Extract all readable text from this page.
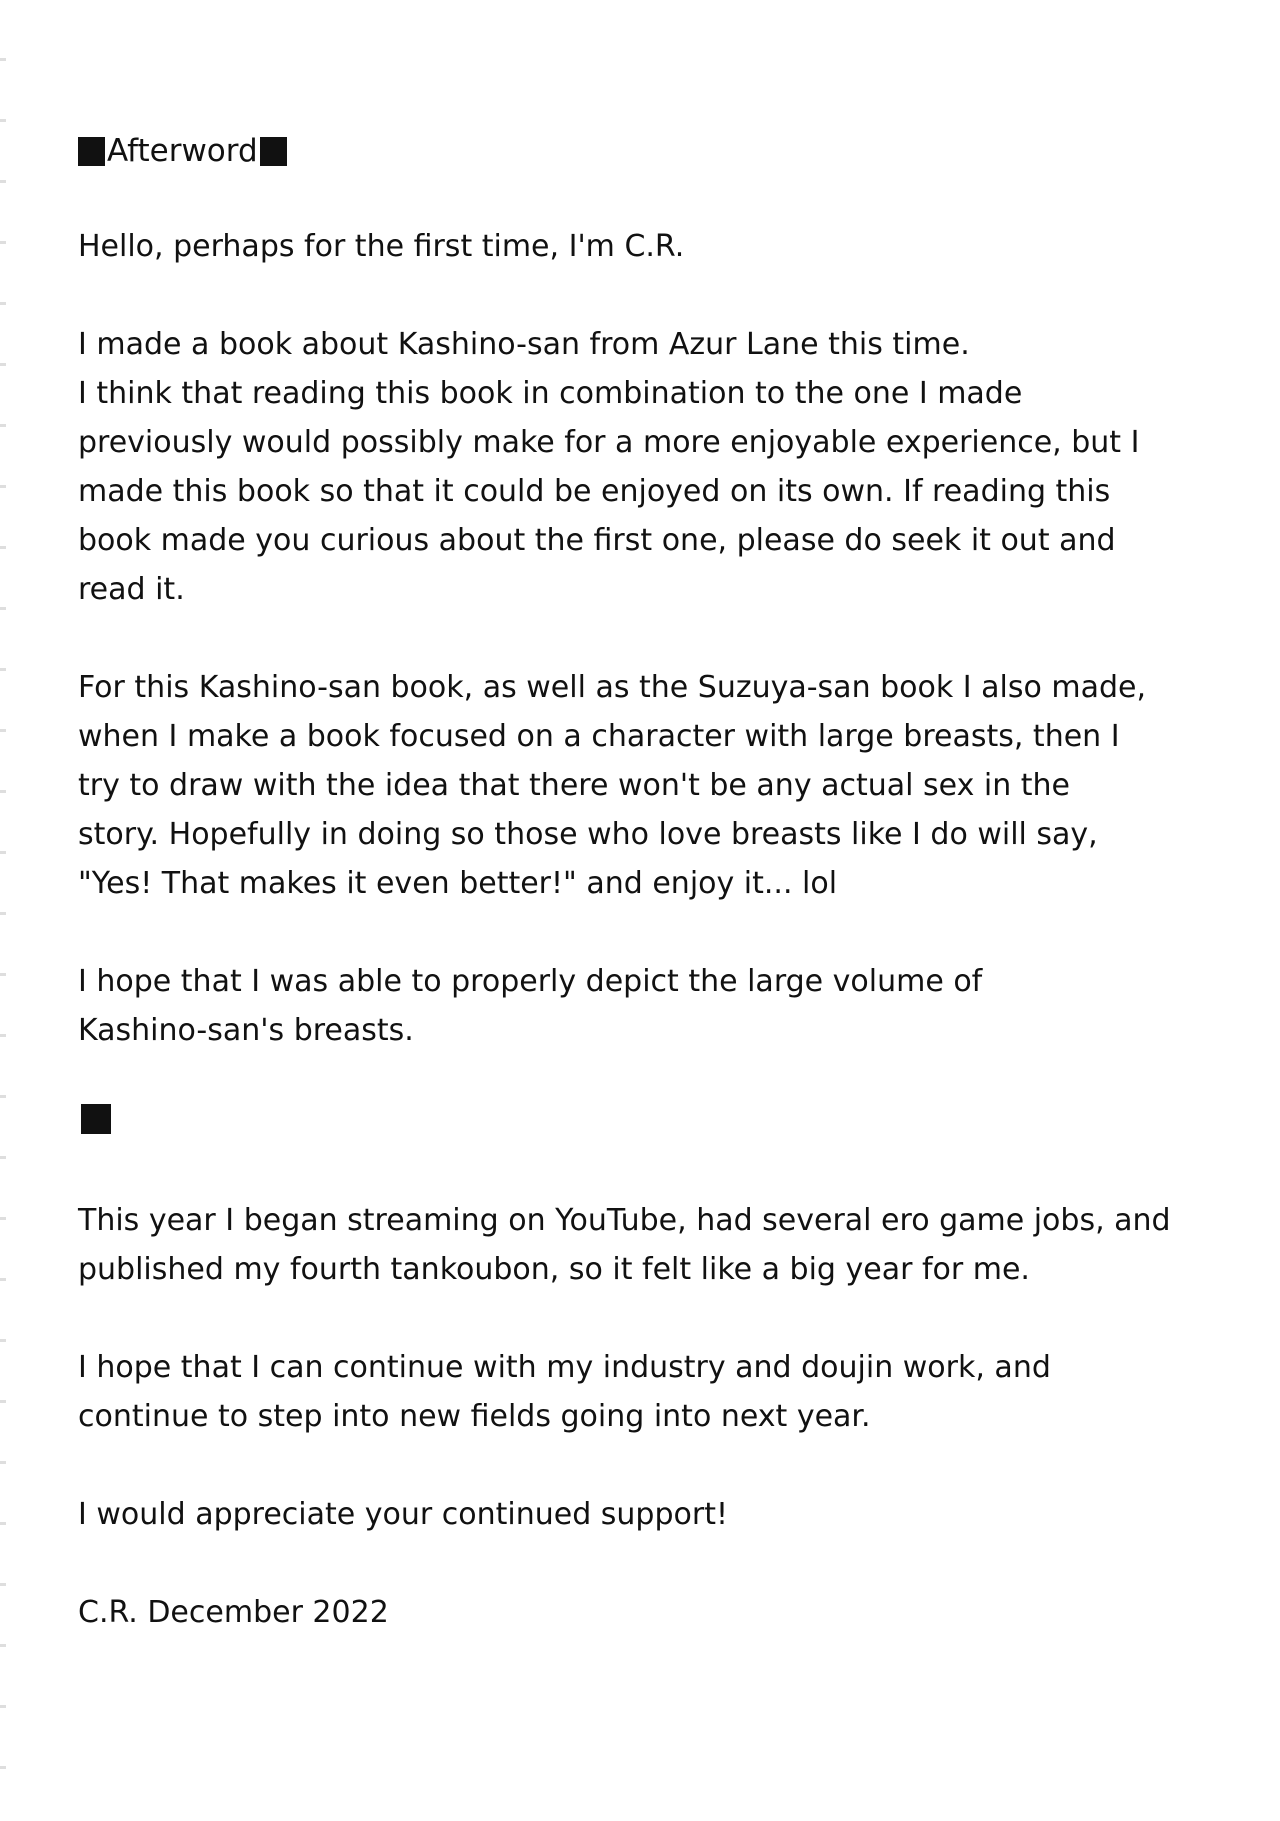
Afterword

Hello, perhaps for the first time, I'm C.R.

I made a book about Kashino-san from Azur Lane this time.
I think that reading this book in combination to the one I made
previously would possibly make for a more enjoyable experience, but I
made this book so that it could be enjoyed on its own. If reading this
book made you curious about the first one, please do seek it out and
read it.

For this Kashino-san book, as well as the Suzuya-san book I also made,
when I make a book focused on a character with large breasts, then I
try to draw with the idea that there won't be any actual sex in the
story. Hopefully in doing so those who love breasts like I do will say,
"Yes! That makes it even better!" and enjoy it... lol

I hope that I was able to properly depict the large volume of
Kashino-san's breasts.

This year I began streaming on YouTube, had several ero game jobs, and
published my fourth tankoubon, so it felt like a big year for me.

I hope that I can continue with my industry and doujin work, and
continue to step into new fields going into next year.

I would appreciate your continued support!

C.R. December 2022
